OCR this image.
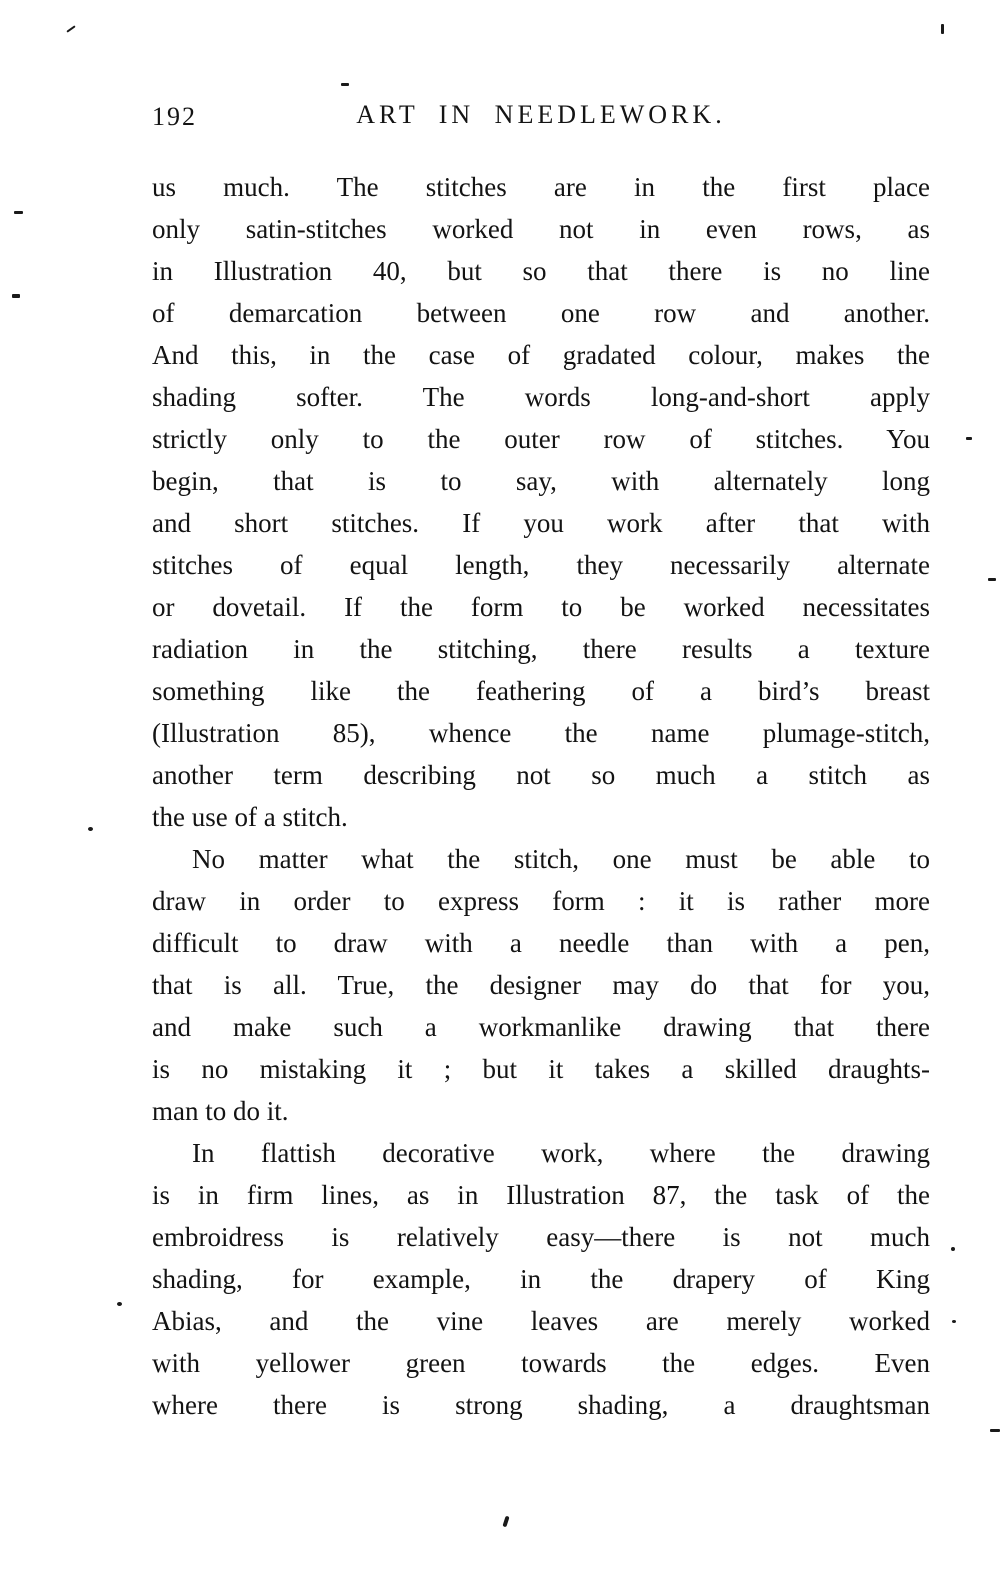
192	ART IN NEEDLEWORK.
us much. The stitches are in the first place
only satin-stitches worked not in even rows, as
in Illustration 40, but so that there is no line
of demarcation between one row and another.
And this, in the case of gradated colour, makes the
shading softer. The words long-and-short apply
strictly only to the outer row of stitches. You
begin, that is to say, with alternately long
and short stitches. If you work after that with
stitches of equal length, they necessarily alternate
or dovetail. If the form to be worked necessitates
radiation in the stitching, there results a texture
something like the feathering of a bird’s breast
(Illustration 85), whence the name plumage-stitch,
another term describing not so much a stitch as
the use of a stitch.
No matter what the stitch, one must be able to
draw in order to express form : it is rather more
difficult to draw with a needle than with a pen,
that is all. True, the designer may do that for you,
and make such a workmanlike drawing that there
is no mistaking it ; but it takes a skilled draughts-
man to do it.
In flattish decorative work, where the drawing
is in firm lines, as in Illustration 87, the task of the
embroidress is relatively easy—there is not much
shading, for example, in the drapery of King
Abias, and the vine leaves are merely worked
with yellower green towards the edges. Even
where there is strong shading, a draughtsman
